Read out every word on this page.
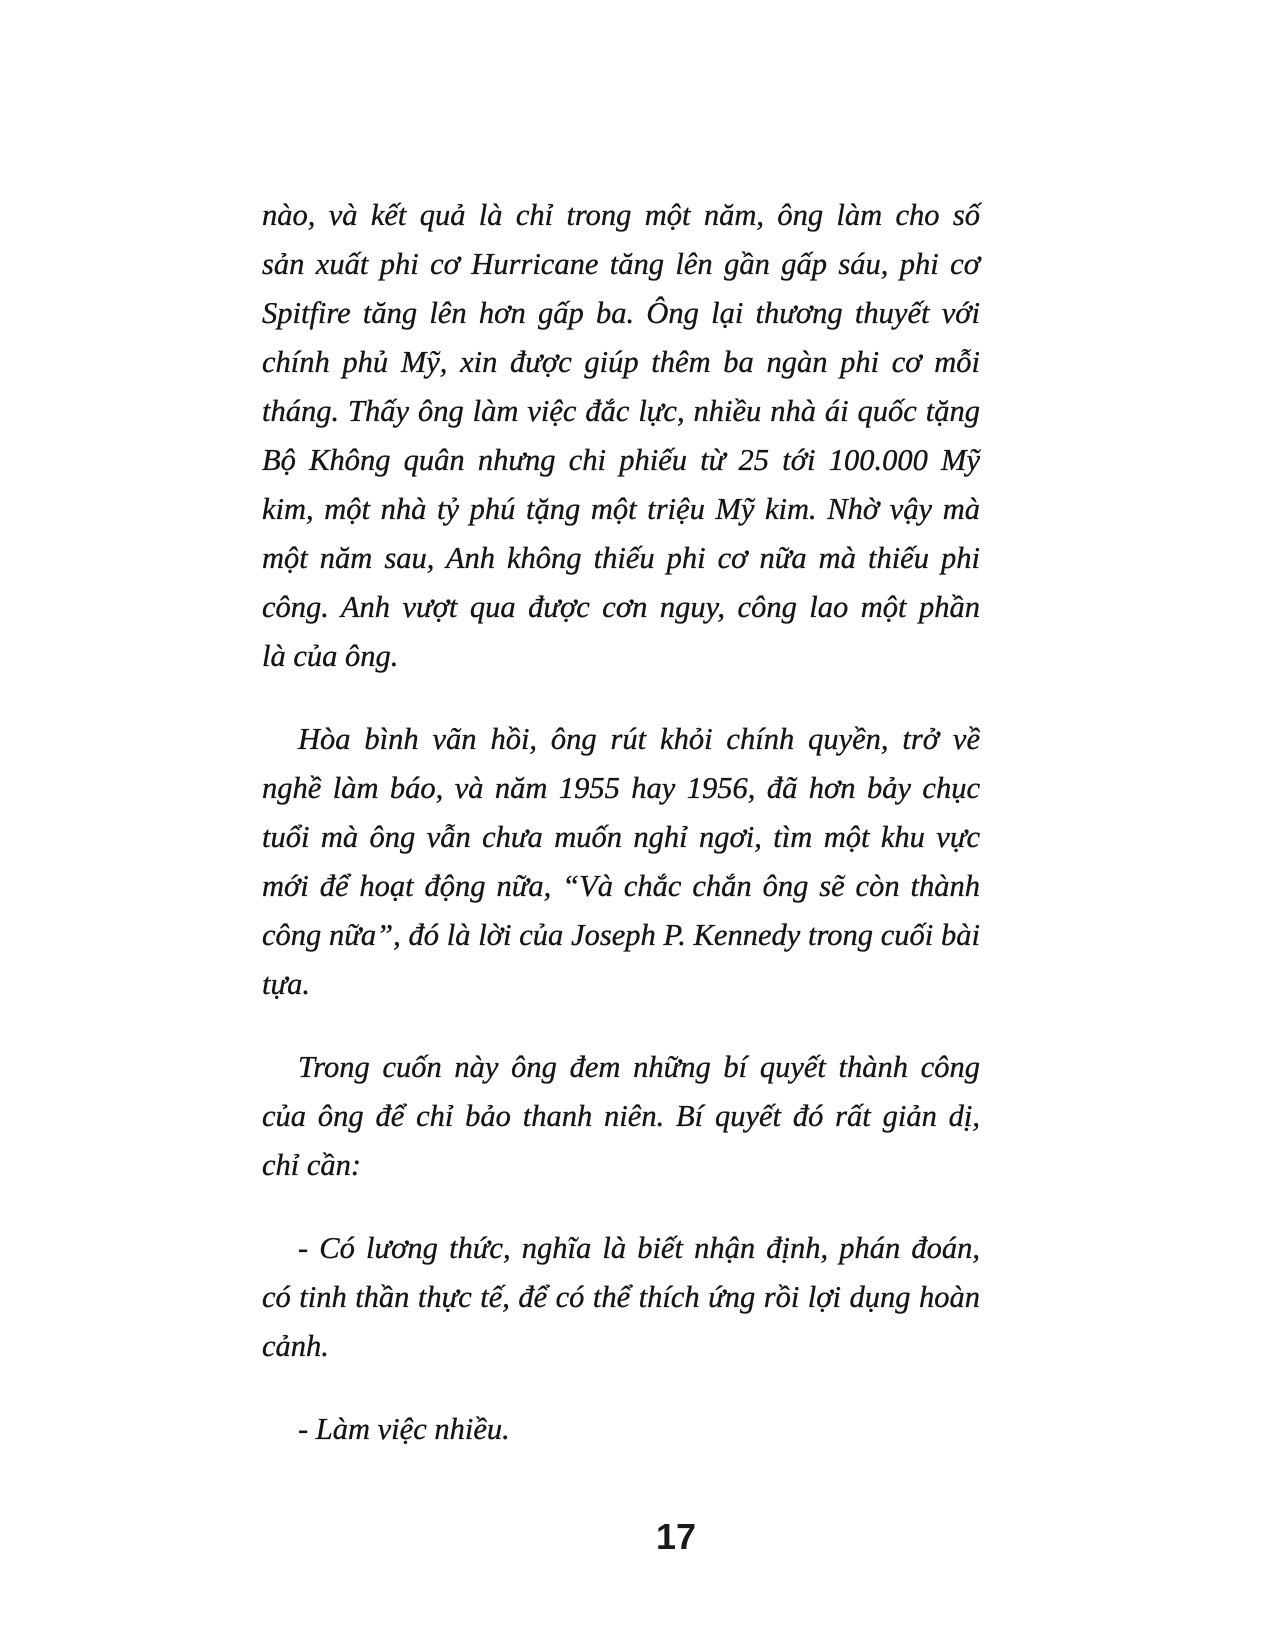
nào, và kết quả là chỉ trong một năm, ông làm cho số
sản xuất phi cơ Hurricane tăng lên gần gấp sáu, phi cơ
Spitfire tăng lên hơn gấp ba. Ông lại thương thuyết với
chính phủ Mỹ, xin được giúp thêm ba ngàn phi cơ mỗi
tháng. Thấy ông làm việc đắc lực, nhiều nhà ái quốc tặng
Bộ Không quân nhưng chi phiếu từ 25 tới 100.000 Mỹ
kim, một nhà tỷ phú tặng một triệu Mỹ kim. Nhờ vậy mà
một năm sau, Anh không thiếu phi cơ nữa mà thiếu phi
công. Anh vượt qua được cơn nguy, công lao một phần
là của ông.

Hòa bình vãn hồi, ông rút khỏi chính quyền, trở về
nghề làm báo, và năm 1955 hay 1956, đã hơn bảy chục
tuổi mà ông vẫn chưa muốn nghỉ ngơi, tìm một khu vực
mới để hoạt động nữa, “Và chắc chắn ông sẽ còn thành
công nữa”, đó là lời của Joseph P. Kennedy trong cuối bài
tựa.

Trong cuốn này ông đem những bí quyết thành công
của ông để chỉ bảo thanh niên. Bí quyết đó rất giản dị,
chỉ cần:

- Có lương thức, nghĩa là biết nhận định, phán đoán,
có tinh thần thực tế, để có thể thích ứng rồi lợi dụng hoàn
cảnh.

- Làm việc nhiều.

17
